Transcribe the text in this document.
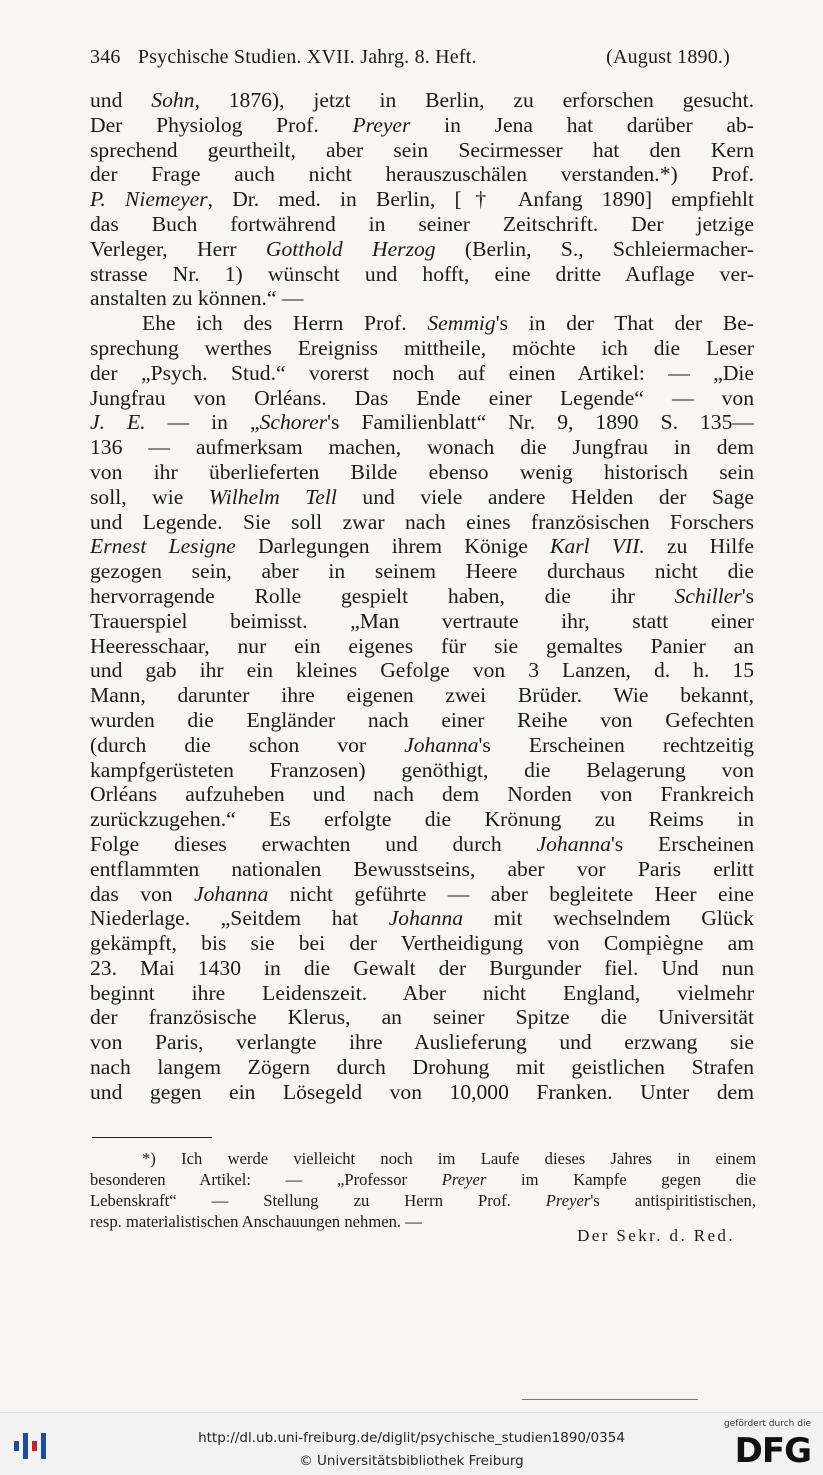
346 Psychische Studien. XVII. Jahrg. 8. Heft.	(August 1890.)
und Sohn, 1876), jetzt in Berlin, zu erforschen gesucht.
Der Physiolog Prof. Preyer in Jena hat darüber ab-
sprechend geurtheilt, aber sein Secirmesser hat den Kern
der Frage auch nicht herauszuschälen verstanden.*) Prof.
P. Niemeyer, Dr. med. in Berlin, [† Anfang 1890] empfiehlt
das Buch fortwährend in seiner Zeitschrift. Der jetzige
Verleger, Herr Gotthold Herzog (Berlin, S., Schleiermacher-
strasse Nr. 1) wünscht und hofft, eine dritte Auflage ver-
anstalten zu können.“ —
Ehe ich des Herrn Prof. Semmig's in der That der Be-
sprechung werthes Ereigniss mittheile, möchte ich die Leser
der „Psych. Stud.“ vorerst noch auf einen Artikel: — „Die
Jungfrau von Orléans. Das Ende einer Legende“ — von
J. E. — in „Schorer's Familienblatt“ Nr. 9, 1890 S. 135—
136 — aufmerksam machen, wonach die Jungfrau in dem
von ihr überlieferten Bilde ebenso wenig historisch sein
soll, wie Wilhelm Tell und viele andere Helden der Sage
und Legende. Sie soll zwar nach eines französischen Forschers
Ernest Lesigne Darlegungen ihrem Könige Karl VII. zu Hilfe
gezogen sein, aber in seinem Heere durchaus nicht die
hervorragende Rolle gespielt haben, die ihr Schiller's
Trauerspiel beimisst. „Man vertraute ihr, statt einer
Heeresschaar, nur ein eigenes für sie gemaltes Panier an
und gab ihr ein kleines Gefolge von 3 Lanzen, d. h. 15
Mann, darunter ihre eigenen zwei Brüder. Wie bekannt,
wurden die Engländer nach einer Reihe von Gefechten
(durch die schon vor Johanna's Erscheinen rechtzeitig
kampfgerüsteten Franzosen) genöthigt, die Belagerung von
Orléans aufzuheben und nach dem Norden von Frankreich
zurückzugehen.“ Es erfolgte die Krönung zu Reims in
Folge dieses erwachten und durch Johanna's Erscheinen
entflammten nationalen Bewusstseins, aber vor Paris erlitt
das von Johanna nicht geführte — aber begleitete Heer eine
Niederlage. „Seitdem hat Johanna mit wechselndem Glück
gekämpft, bis sie bei der Vertheidigung von Compiègne am
23. Mai 1430 in die Gewalt der Burgunder fiel. Und nun
beginnt ihre Leidenszeit. Aber nicht England, vielmehr
der französische Klerus, an seiner Spitze die Universität
von Paris, verlangte ihre Auslieferung und erzwang sie
nach langem Zögern durch Drohung mit geistlichen Strafen
und gegen ein Lösegeld von 10,000 Franken. Unter dem
*) Ich werde vielleicht noch im Laufe dieses Jahres in einem
besonderen Artikel: — „Professor Preyer im Kampfe gegen die
Lebenskraft“ — Stellung zu Herrn Prof. Preyer's antispiritistischen,
resp. materialistischen Anschauungen nehmen. —
Der Sekr. d. Red.
http://dl.ub.uni-freiburg.de/diglit/psychische_studien1890/0354
© Universitätsbibliothek Freiburg
gefördert durch die
DFG
